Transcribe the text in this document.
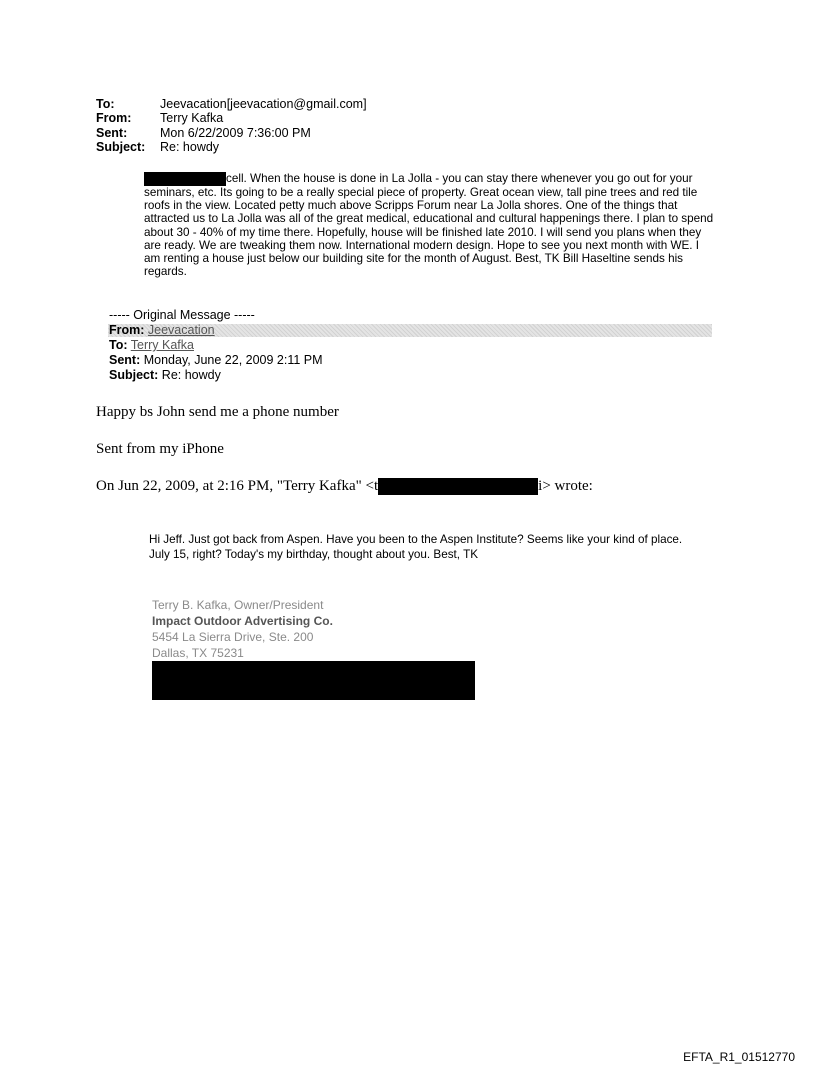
To:	Jeevacation[jeevacation@gmail.com]
From: Terry Kafka
Sent:	Mon 6/22/2009 7:36:00 PM
Subject: Re: howdy
cell. When the house is done in La Jolla - you can stay there whenever you go out for your seminars, etc. Its going to be a really special piece of property. Great ocean view, tall pine trees and red tile roofs in the view. Located petty much above Scripps Forum near La Jolla shores. One of the things that attracted us to La Jolla was all of the great medical, educational and cultural happenings there. I plan to spend about 30 - 40% of my time there. Hopefully, house will be finished late 2010. I will send you plans when they are ready. We are tweaking them now. International modern design. Hope to see you next month with WE. I am renting a house just below our building site for the month of August. Best, TK Bill Haseltine sends his regards.
----- Original Message -----
From: Jeevacation
To: Terry Kafka
Sent: Monday, June 22, 2009 2:11 PM
Subject: Re: howdy
Happy bs John send me a phone number
Sent from my iPhone
On Jun 22, 2009, at 2:16 PM, "Terry Kafka" <t	i> wrote:
Hi Jeff. Just got back from Aspen. Have you been to the Aspen Institute? Seems like your kind of place. July 15, right? Today's my birthday, thought about you. Best, TK
Terry B. Kafka, Owner/President
Impact Outdoor Advertising Co.
5454 La Sierra Drive, Ste. 200
Dallas, TX 75231
EFTA_R1_01512770
